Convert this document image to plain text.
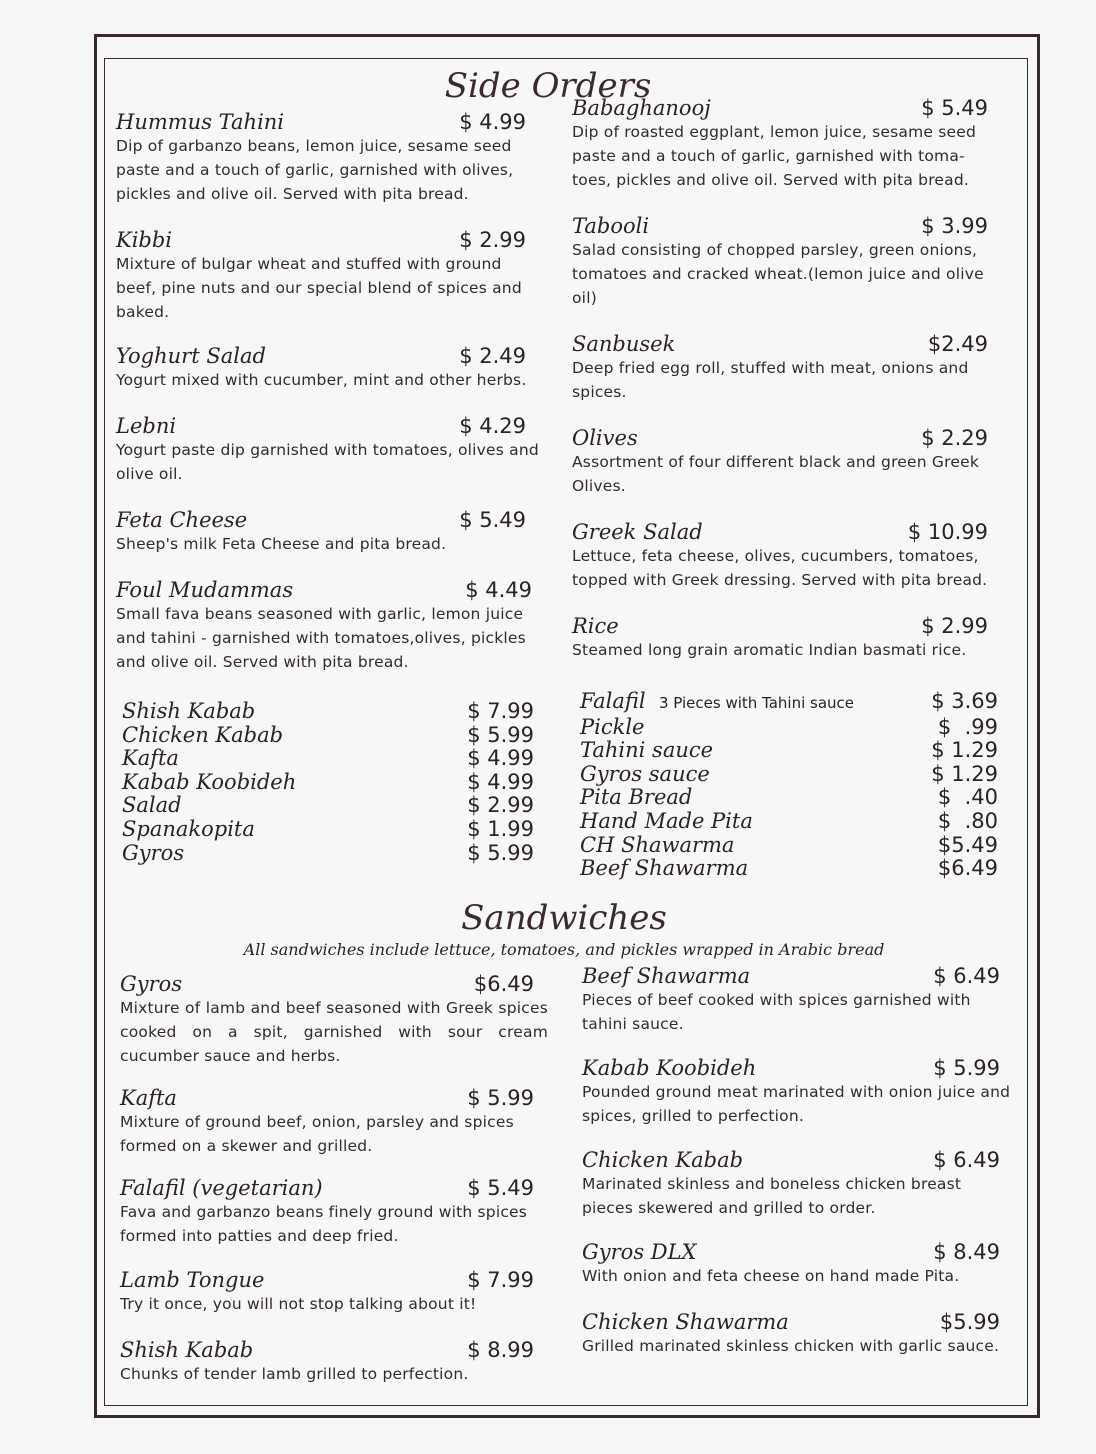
Side Orders
Hummus Tahini	$ 4.99
Dip of garbanzo beans, lemon juice, sesame seed paste and a touch of garlic, garnished with olives, pickles and olive oil. Served with pita bread.
Kibbi	$ 2.99
Mixture of bulgar wheat and stuffed with ground beef, pine nuts and our special blend of spices and baked.
Yoghurt Salad	$ 2.49
Yogurt mixed with cucumber, mint and other herbs.
Lebni	$ 4.29
Yogurt paste dip garnished with tomatoes, olives and olive oil.
Feta Cheese	$ 5.49
Sheep's milk Feta Cheese and pita bread.
Foul Mudammas	$ 4.49
Small fava beans seasoned with garlic, lemon juice and tahini - garnished with tomatoes,olives, pickles and olive oil. Served with pita bread.
Babaghanooj	$ 5.49
Dip of roasted eggplant, lemon juice, sesame seed paste and a touch of garlic, garnished with toma-toes, pickles and olive oil. Served with pita bread.
Tabooli	$ 3.99
Salad consisting of chopped parsley, green onions, tomatoes and cracked wheat.(lemon juice and olive oil)
Sanbusek	$2.49
Deep fried egg roll, stuffed with meat, onions and spices.
Olives	$ 2.29
Assortment of four different black and green Greek Olives.
Greek Salad	$ 10.99
Lettuce, feta cheese, olives, cucumbers, tomatoes, topped with Greek dressing. Served with pita bread.
Rice	$ 2.99
Steamed long grain aromatic Indian basmati rice.
Shish Kabab	$ 7.99
Chicken Kabab	$ 5.99
Kafta	$ 4.99
Kabab Koobideh	$ 4.99
Salad	$ 2.99
Spanakopita	$ 1.99
Gyros	$ 5.99
Falafil 3 Pieces with Tahini sauce	$ 3.69
Pickle	$  .99
Tahini sauce	$ 1.29
Gyros sauce	$ 1.29
Pita Bread	$  .40
Hand Made Pita	$  .80
CH Shawarma	$5.49
Beef Shawarma	$6.49
Sandwiches
All sandwiches include lettuce, tomatoes, and pickles wrapped in Arabic bread
Gyros	$6.49
Mixture of lamb and beef seasoned with Greek spices cooked on a spit, garnished with sour cream cucumber sauce and herbs.
Kafta	$ 5.99
Mixture of ground beef, onion, parsley and spices formed on a skewer and grilled.
Falafil (vegetarian)	$ 5.49
Fava and garbanzo beans finely ground with spices formed into patties and deep fried.
Lamb Tongue	$ 7.99
Try it once, you will not stop talking about it!
Shish Kabab	$ 8.99
Chunks of tender lamb grilled to perfection.
Beef Shawarma	$ 6.49
Pieces of beef cooked with spices garnished with tahini sauce.
Kabab Koobideh	$ 5.99
Pounded ground meat marinated with onion juice and spices, grilled to perfection.
Chicken Kabab	$ 6.49
Marinated skinless and boneless chicken breast pieces skewered and grilled to order.
Gyros DLX	$ 8.49
With onion and feta cheese on hand made Pita.
Chicken Shawarma	$5.99
Grilled marinated skinless chicken with garlic sauce.
